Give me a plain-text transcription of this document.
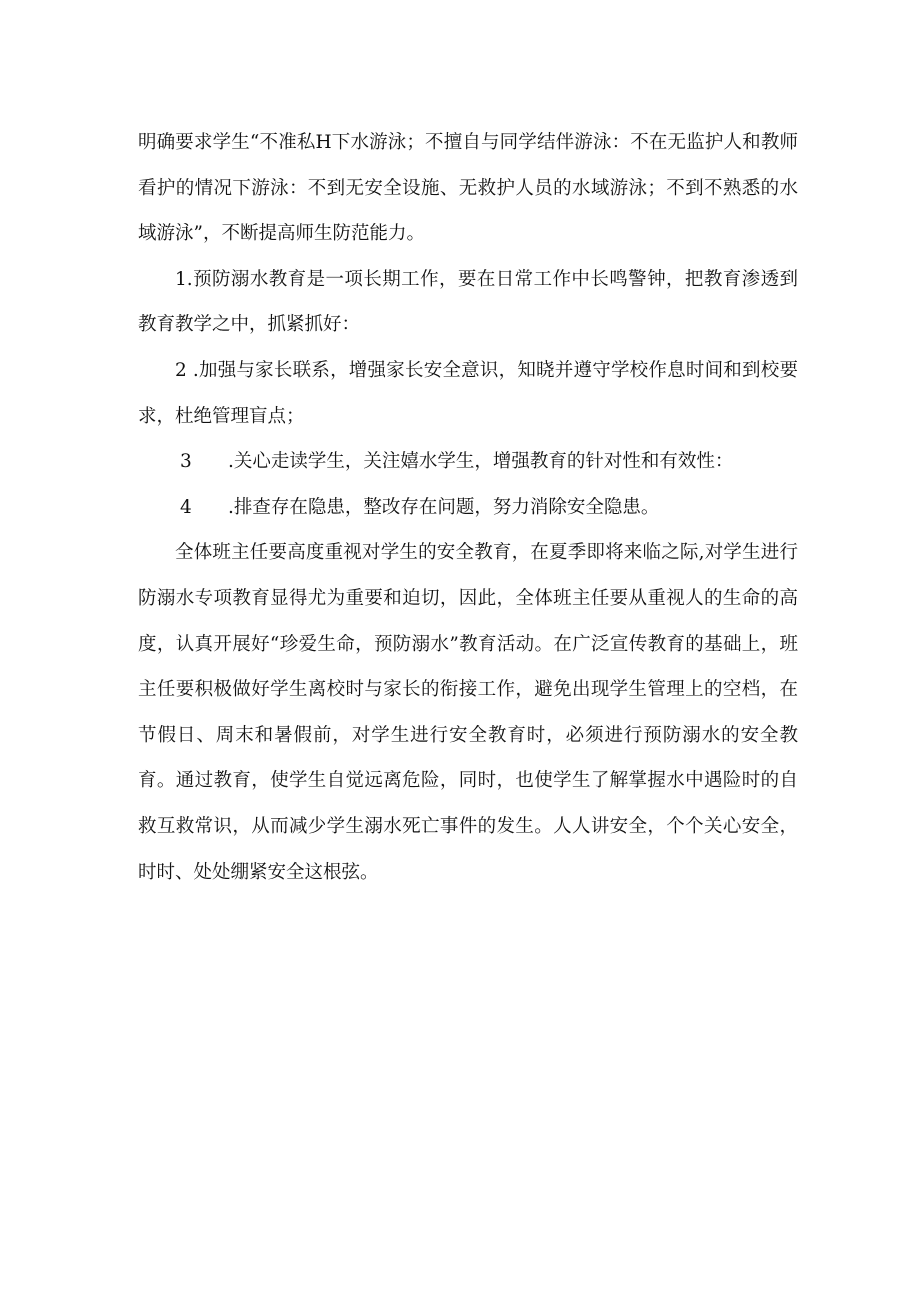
明确要求学生“不准私H下水游泳；不擅自与同学结伴游泳：不在无监护人和教师看护的情况下游泳：不到无安全设施、无救护人员的水域游泳；不到不熟悉的水域游泳”，不断提高师生防范能力。

1.预防溺水教育是一项长期工作，要在日常工作中长鸣警钟，把教育渗透到教育教学之中，抓紧抓好：

2 .加强与家长联系，增强家长安全意识，知晓并遵守学校作息时间和到校要求，杜绝管理盲点；

3 .关心走读学生，关注嬉水学生，增强教育的针对性和有效性：

4 .排查存在隐患，整改存在问题，努力消除安全隐患。

全体班主任要高度重视对学生的安全教育，在夏季即将来临之际,对学生进行防溺水专项教育显得尤为重要和迫切，因此，全体班主任要从重视人的生命的高度，认真开展好“珍爱生命，预防溺水”教育活动。在广泛宣传教育的基础上，班主任要积极做好学生离校时与家长的衔接工作，避免出现学生管理上的空档，在节假日、周末和暑假前，对学生进行安全教育时，必须进行预防溺水的安全教育。通过教育，使学生自觉远离危险，同时，也使学生了解掌握水中遇险时的自救互救常识，从而减少学生溺水死亡事件的发生。人人讲安全，个个关心安全，时时、处处绷紧安全这根弦。
